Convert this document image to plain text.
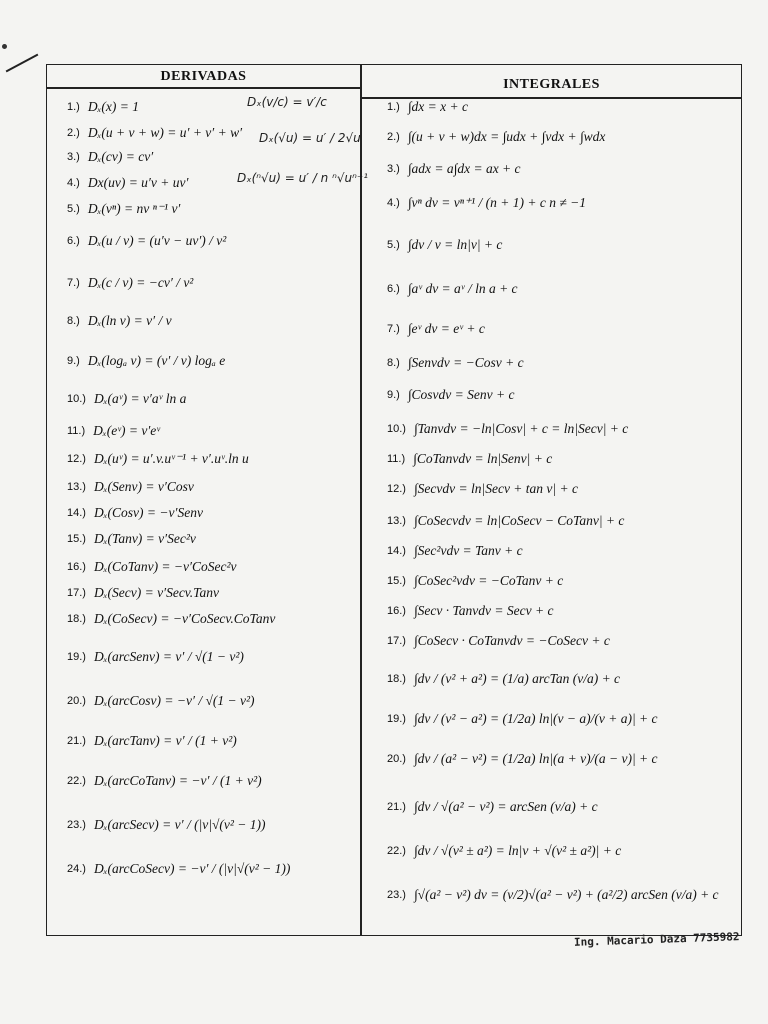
DERIVADAS
INTEGRALES
1.) Dₓ(x) = 1
2.) Dₓ(u + v + w) = u′ + v′ + w′
3.) Dₓ(cv) = cv′
4.) Dx(uv) = u′v + uv′
5.) Dₓ(vⁿ) = nv ⁿ⁻¹ v′
6.) Dₓ(u / v) = (u′v − uv′) / v²
7.) Dₓ(c / v) = −cv′ / v²
8.) Dₓ(ln v) = v′ / v
9.) Dₓ(logₐ v) = (v′ / v) logₐ e
10.) Dₓ(aᵛ) = v′aᵛ ln a
11.) Dₓ(eᵛ) = v′eᵛ
12.) Dₓ(uᵛ) = u′.v.uᵛ⁻¹ + v′.uᵛ.ln u
13.) Dₓ(Senv) = v′Cosv
14.) Dₓ(Cosv) = −v′Senv
15.) Dₓ(Tanv) = v′Sec²v
16.) Dₓ(CoTanv) = −v′CoSec²v
17.) Dₓ(Secv) = v′Secv.Tanv
18.) Dₓ(CoSecv) = −v′CoSecv.CoTanv
19.) Dₓ(arcSenv) = v′ / √(1 − v²)
20.) Dₓ(arcCosv) = −v′ / √(1 − v²)
21.) Dₓ(arcTanv) = v′ / (1 + v²)
22.) Dₓ(arcCoTanv) = −v′ / (1 + v²)
23.) Dₓ(arcSecv) = v′ / (|v|√(v² − 1))
24.) Dₓ(arcCoSecv) = −v′ / (|v|√(v² − 1))
1.) ∫dx = x + c
2.) ∫(u + v + w)dx = ∫udx + ∫vdx + ∫wdx
3.) ∫adx = a∫dx = ax + c
4.) ∫vⁿ dv = vⁿ⁺¹ / (n + 1) + c n ≠ −1
5.) ∫dv / v = ln|v| + c
6.) ∫aᵛ dv = aᵛ / ln a + c
7.) ∫eᵛ dv = eᵛ + c
8.) ∫Senvdv = −Cosv + c
9.) ∫Cosvdv = Senv + c
10.) ∫Tanvdv = −ln|Cosv| + c = ln|Secv| + c
11.) ∫CoTanvdv = ln|Senv| + c
12.) ∫Secvdv = ln|Secv + tan v| + c
13.) ∫CoSecvdv = ln|CoSecv − CoTanv| + c
14.) ∫Sec²vdv = Tanv + c
15.) ∫CoSec²vdv = −CoTanv + c
16.) ∫Secv · Tanvdv = Secv + c
17.) ∫CoSecv · CoTanvdv = −CoSecv + c
18.) ∫dv / (v² + a²) = (1/a) arcTan (v/a) + c
19.) ∫dv / (v² − a²) = (1/2a) ln|(v − a)/(v + a)| + c
20.) ∫dv / (a² − v²) = (1/2a) ln|(a + v)/(a − v)| + c
21.) ∫dv / √(a² − v²) = arcSen (v/a) + c
22.) ∫dv / √(v² ± a²) = ln|v + √(v² ± a²)| + c
23.) ∫√(a² − v²) dv = (v/2)√(a² − v²) + (a²/2) arcSen (v/a) + c
Dₓ(v/c) = v′/c
Dₓ(√u) = u′ / 2√u
Dₓ(ⁿ√u) = u′ / n ⁿ√uⁿ⁻¹
Ing. Macario Daza 7735982
